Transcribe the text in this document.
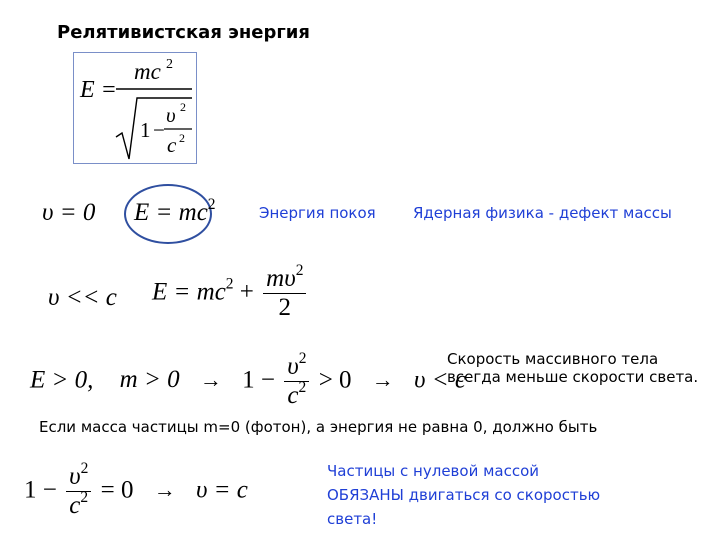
Релятивистская энергия
E =
mc 2
1 −
υ 2
c 2
υ = 0 $E = mc^2$	Энергия покоя Ядерная физика - дефект массы
υ << c $E = mc^2 + \frac{m\upsilon^2}{2}$
E > 0, $m > 0 \to 1 - \frac{\upsilon^2}{c^2} > 0 \to \upsilon < c$
Скорость массивного тела
всегда меньше скорости света.
Если масса частицы m=0 (фотон), а энергия не равна 0, должно быть
$1 - \frac{\upsilon^2}{c^2} = 0 \to \upsilon = c$
Частицы с нулевой массой
ОБЯЗАНЫ двигаться со скоростью
света!
